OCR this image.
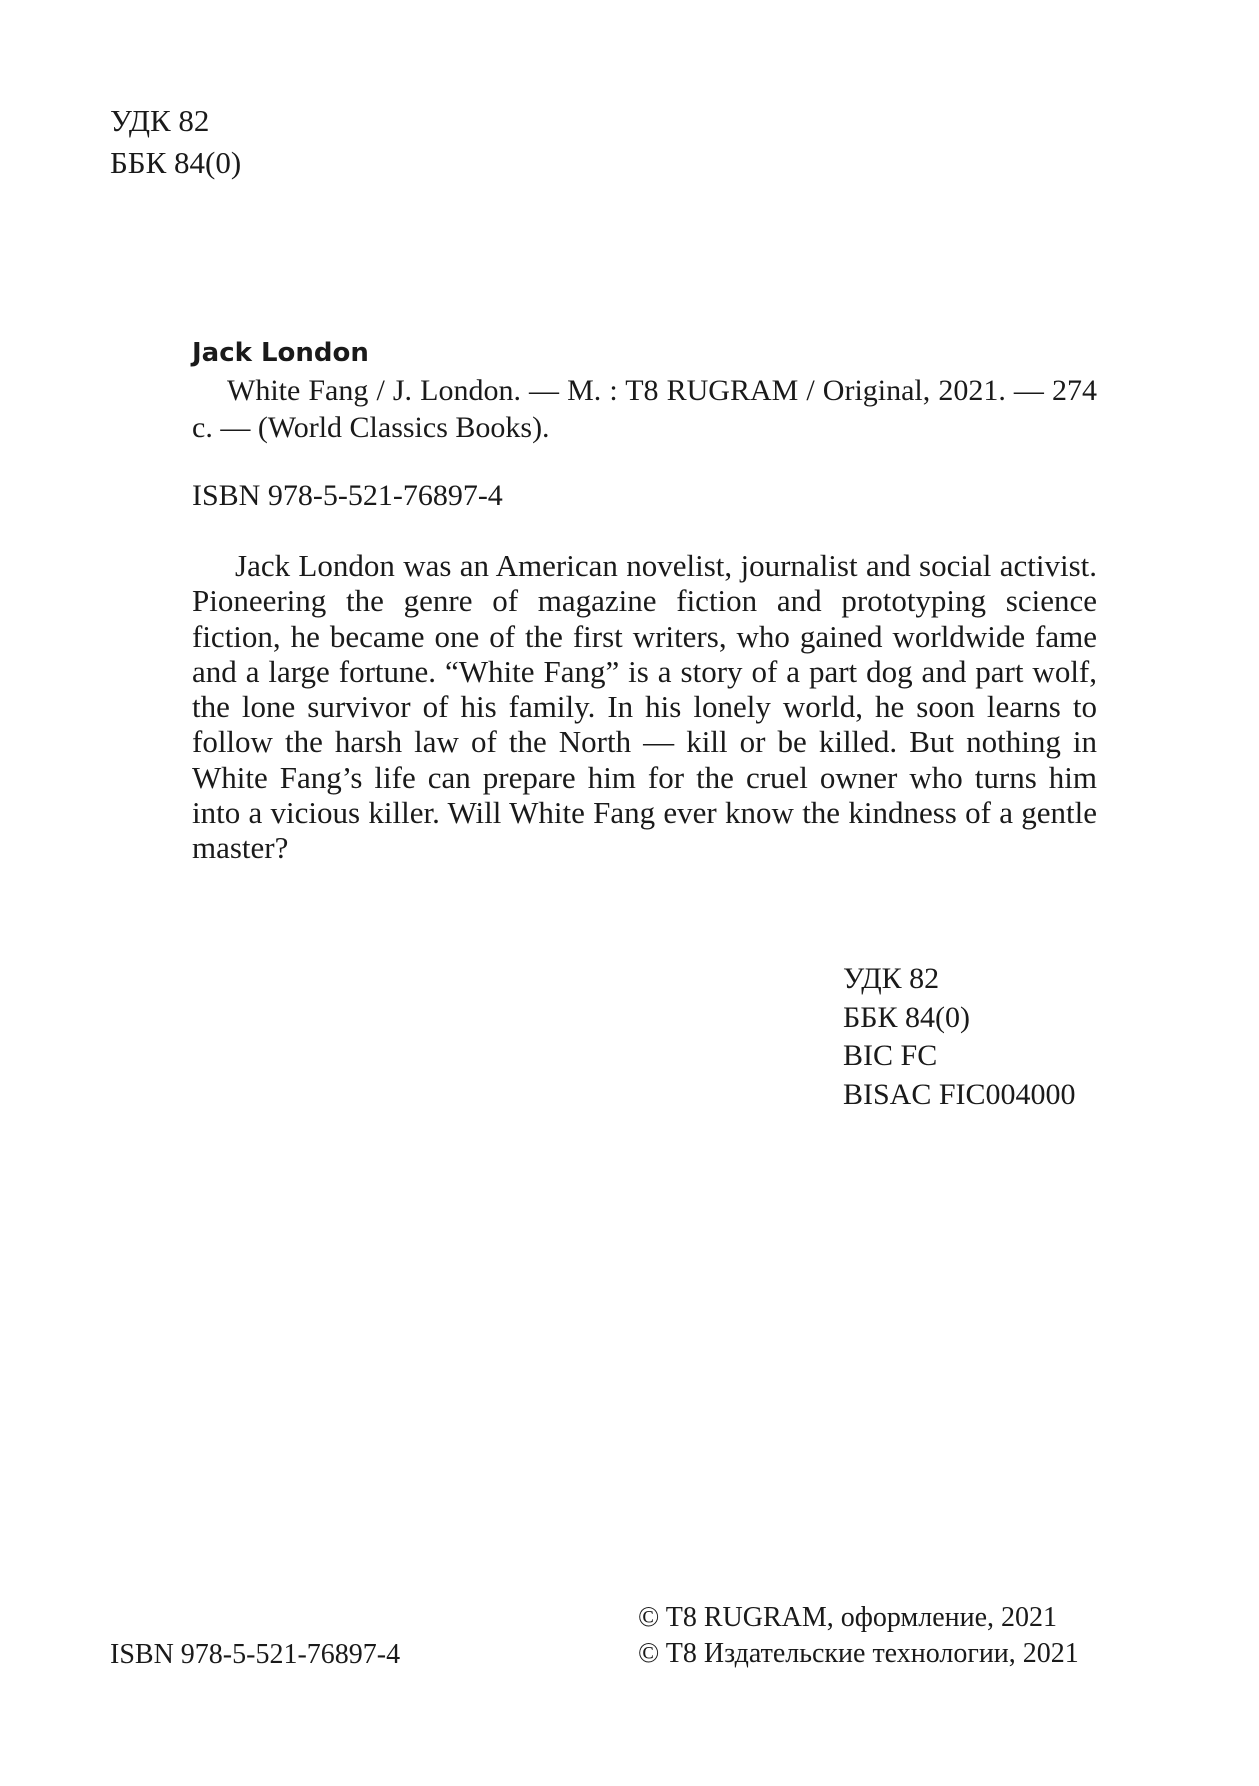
УДК 82
ББК 84(0)

Jack London

White Fang / J. London. — M. : T8 RUGRAM / Original, 2021. — 274 c. — (World Classics Books).

ISBN 978-5-521-76897-4

Jack London was an American novelist, journalist and social activist. Pioneering the genre of magazine fiction and prototyping science fiction, he became one of the first writers, who gained worldwide fame and a large fortune. “White Fang” is a story of a part dog and part wolf, the lone survivor of his family. In his lonely world, he soon learns to follow the harsh law of the North — kill or be killed. But nothing in White Fang’s life can prepare him for the cruel owner who turns him into a vicious killer. Will White Fang ever know the kindness of a gentle master?

УДК 82
ББК 84(0)
BIC FC
BISAC FIC004000
ISBN 978-5-521-76897-4
© T8 RUGRAM, оформление, 2021
© T8 Издательские технологии, 2021
